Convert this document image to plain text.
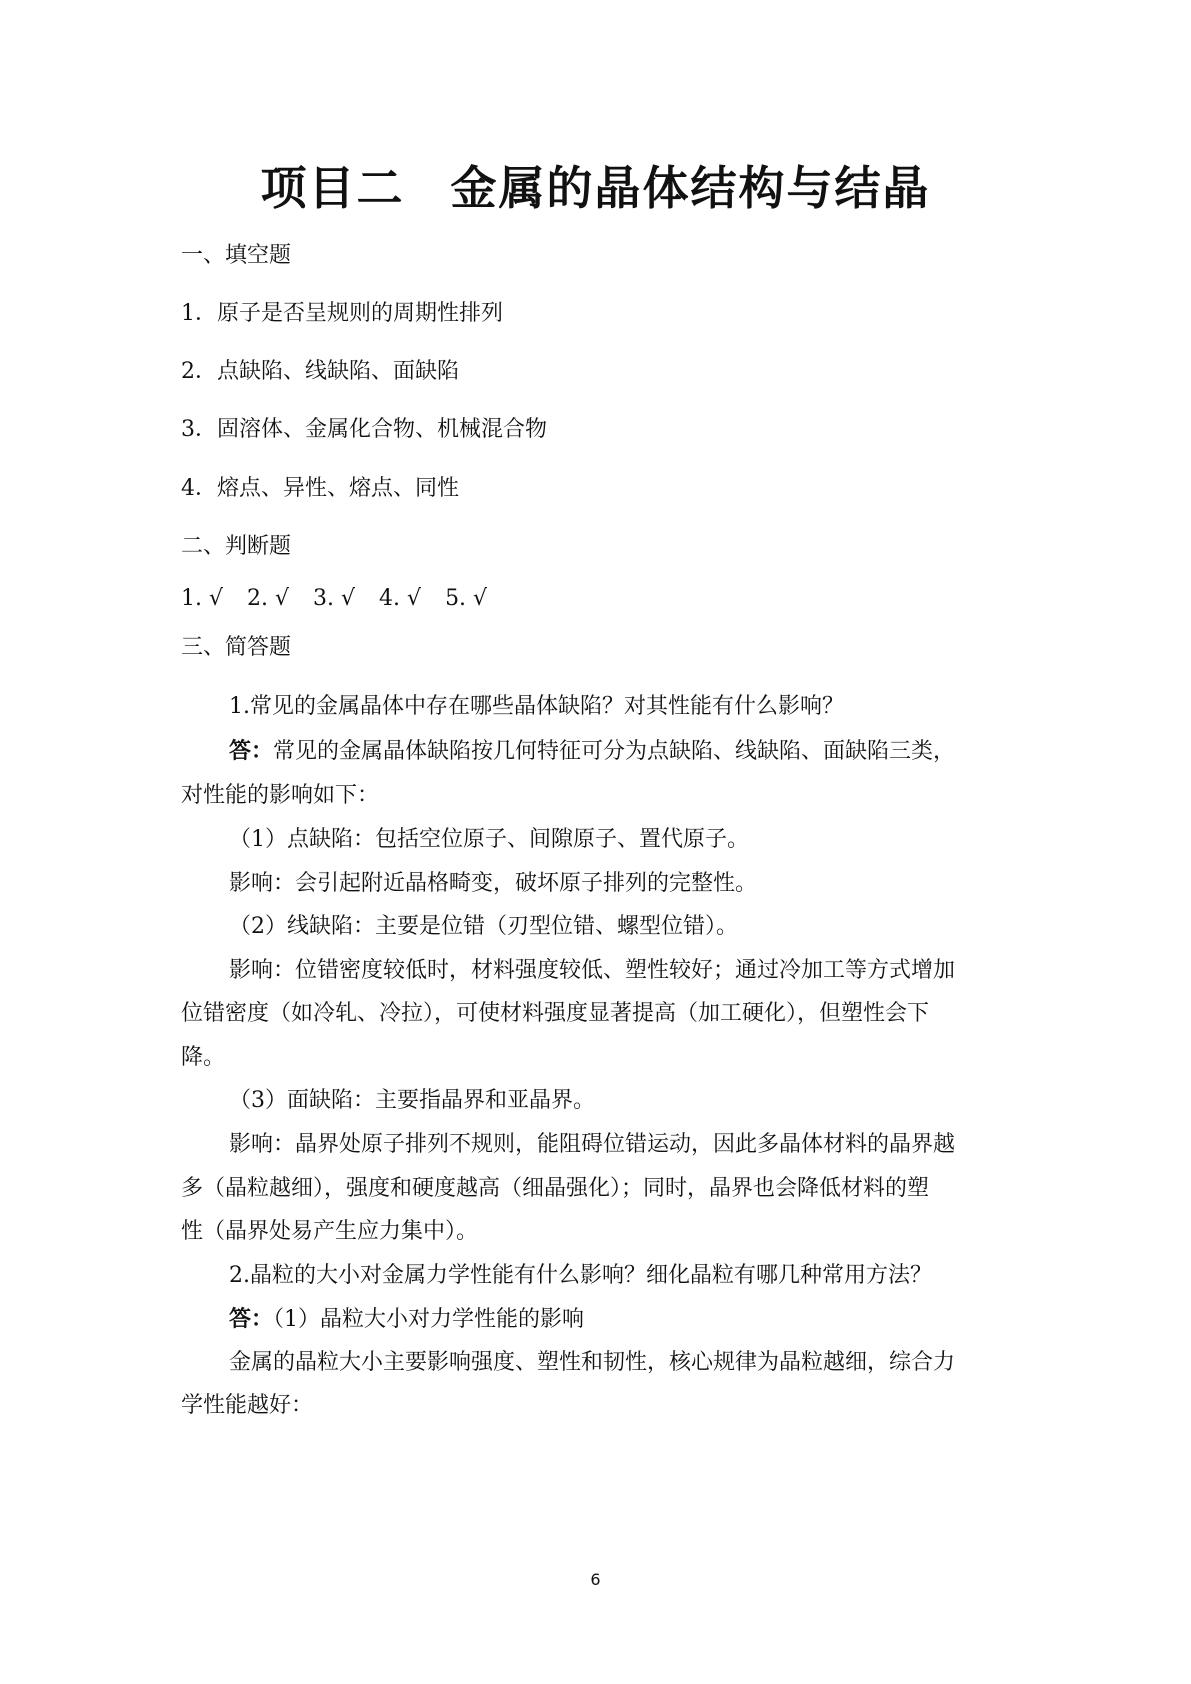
项目二 金属的晶体结构与结晶

一、填空题

1．原子是否呈规则的周期性排列

2．点缺陷、线缺陷、面缺陷

3．固溶体、金属化合物、机械混合物

4．熔点、异性、熔点、同性

二、判断题

1. √ 2. √ 3. √ 4. √ 5. √

三、简答题

1.常见的金属晶体中存在哪些晶体缺陷？对其性能有什么影响？

答：常见的金属晶体缺陷按几何特征可分为点缺陷、线缺陷、面缺陷三类，

对性能的影响如下：

（1）点缺陷：包括空位原子、间隙原子、置代原子。

影响：会引起附近晶格畸变，破坏原子排列的完整性。

（2）线缺陷：主要是位错（刃型位错、螺型位错）。

影响：位错密度较低时，材料强度较低、塑性较好；通过冷加工等方式增加

位错密度（如冷轧、冷拉），可使材料强度显著提高（加工硬化），但塑性会下

降。

（3）面缺陷：主要指晶界和亚晶界。

影响：晶界处原子排列不规则，能阻碍位错运动，因此多晶体材料的晶界越

多（晶粒越细），强度和硬度越高（细晶强化）；同时，晶界也会降低材料的塑

性（晶界处易产生应力集中）。

2.晶粒的大小对金属力学性能有什么影响？细化晶粒有哪几种常用方法？

答：（1）晶粒大小对力学性能的影响

金属的晶粒大小主要影响强度、塑性和韧性，核心规律为晶粒越细，综合力

学性能越好：

6
